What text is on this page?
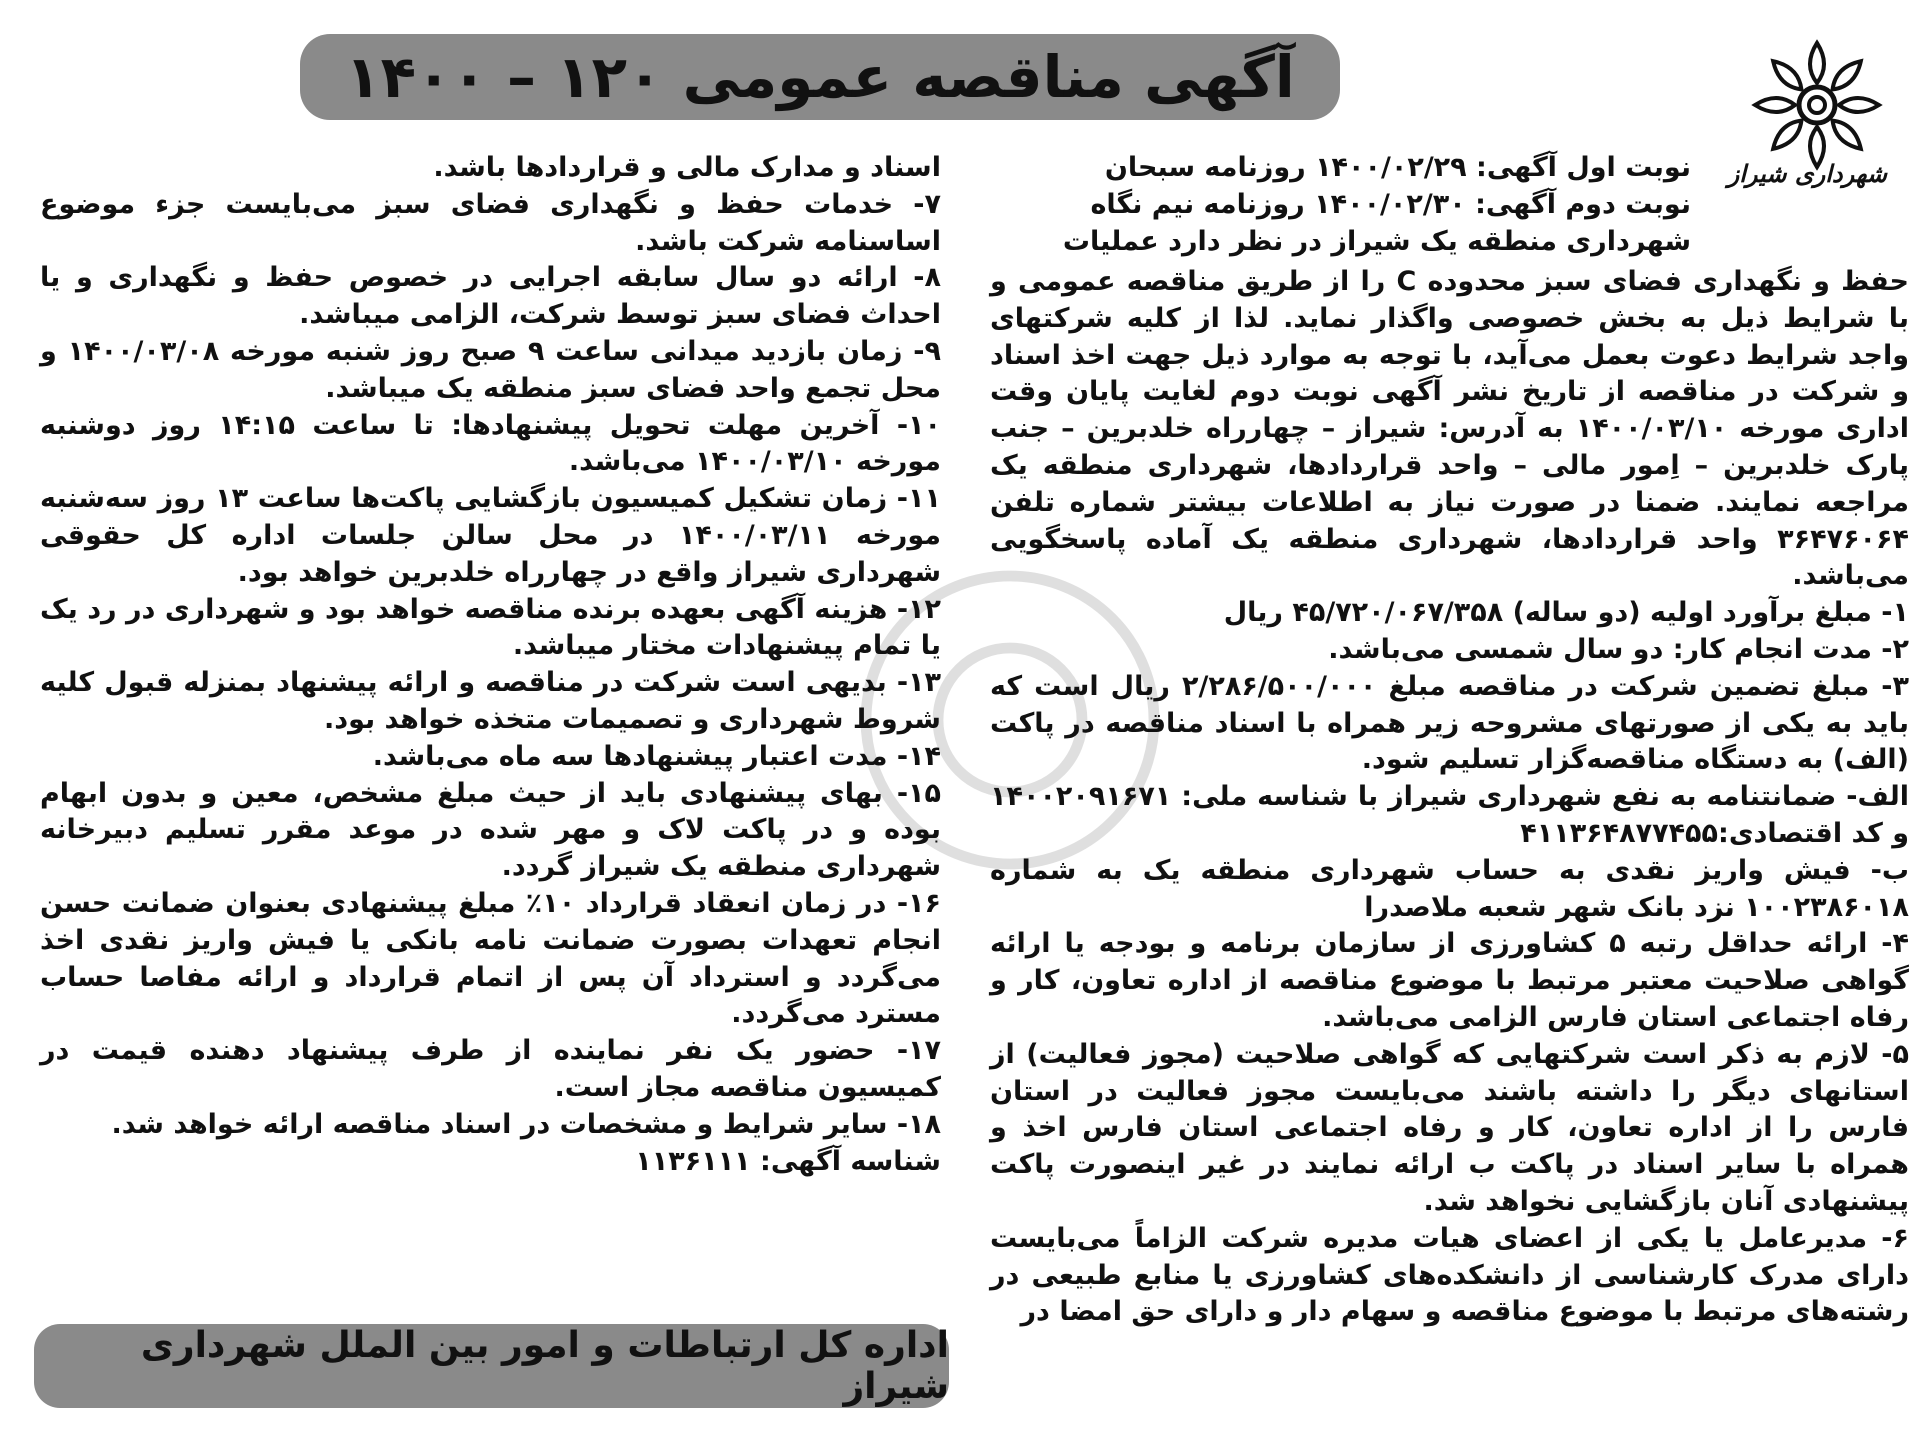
آگهی مناقصه عمومی ۱۲۰ – ۱۴۰۰
شهرداری شیراز

نوبت اول آگهی: ۱۴۰۰/۰۲/۲۹ روزنامه سبحان

نوبت دوم آگهی: ۱۴۰۰/۰۲/۳۰ روزنامه نیم نگاه

شهرداری منطقه یک شیراز در نظر دارد عملیات

حفظ و نگهداری فضای سبز محدوده C را از طریق مناقصه عمومی و با شرایط ذیل به بخش خصوصی واگذار نماید. لذا از کلیه شرکتهای واجد شرایط دعوت بعمل می‌آید، با توجه به موارد ذیل جهت اخذ اسناد و شرکت در مناقصه از تاریخ نشر آگهی نوبت دوم لغایت پایان وقت اداری مورخه ۱۴۰۰/۰۳/۱۰ به آدرس: شیراز – چهارراه خلدبرین – جنب پارک خلدبرین – اِمور مالی – واحد قراردادها، شهرداری منطقه یک مراجعه نمایند. ضمنا در صورت نیاز به اطلاعات بیشتر شماره تلفن ۳۶۴۷۶۰۶۴ واحد قراردادها، شهرداری منطقه یک آماده پاسخگویی می‌باشد.

۱- مبلغ برآورد اولیه (دو ساله) ۴۵/۷۲۰/۰۶۷/۳۵۸ ریال

۲- مدت انجام کار: دو سال شمسی می‌باشد.

۳- مبلغ تضمین شرکت در مناقصه مبلغ ۲/۲۸۶/۵۰۰/۰۰۰ ریال است که باید به یکی از صورتهای مشروحه زیر همراه با اسناد مناقصه در پاکت (الف) به دستگاه مناقصه‌گزار تسلیم شود.

الف- ضمانتنامه به نفع شهرداری شیراز با شناسه ملی: ۱۴۰۰۲۰۹۱۶۷۱ و کد اقتصادی:۴۱۱۳۶۴۸۷۷۴۵۵

ب- فیش واریز نقدی به حساب شهرداری منطقه یک به شماره ۱۰۰۲۳۸۶۰۱۸ نزد بانک شهر شعبه ملاصدرا

۴- ارائه حداقل رتبه ۵ کشاورزی از سازمان برنامه و بودجه یا ارائه گواهی صلاحیت معتبر مرتبط با موضوع مناقصه از اداره تعاون، کار و رفاه اجتماعی استان فارس الزامی می‌باشد.

۵- لازم به ذکر است شرکتهایی که گواهی صلاحیت (مجوز فعالیت) از استانهای دیگر را داشته باشند می‌بایست مجوز فعالیت در استان فارس را از اداره تعاون، کار و رفاه اجتماعی استان فارس اخذ و همراه با سایر اسناد در پاکت ب ارائه نمایند در غیر اینصورت پاکت پیشنهادی آنان بازگشایی نخواهد شد.

۶- مدیرعامل یا یکی از اعضای هیات مدیره شرکت الزاماً می‌بایست دارای مدرک کارشناسی از دانشکده‌های کشاورزی یا منابع طبیعی در رشته‌های مرتبط با موضوع مناقصه و سهام دار و دارای حق امضا در

اسناد و مدارک مالی و قراردادها باشد.

۷- خدمات حفظ و نگهداری فضای سبز می‌بایست جزء موضوع اساسنامه شرکت باشد.

۸- ارائه دو سال سابقه اجرایی در خصوص حفظ و نگهداری و یا احداث فضای سبز توسط شرکت، الزامی میباشد.

۹- زمان بازدید میدانی ساعت ۹ صبح روز شنبه مورخه ۱۴۰۰/۰۳/۰۸ و محل تجمع واحد فضای سبز منطقه یک میباشد.

۱۰- آخرین مهلت تحویل پیشنهادها: تا ساعت ۱۴:۱۵ روز دوشنبه مورخه ۱۴۰۰/۰۳/۱۰ می‌باشد.

۱۱- زمان تشکیل کمیسیون بازگشایی پاکت‌ها ساعت ۱۳ روز سه‌شنبه مورخه ۱۴۰۰/۰۳/۱۱ در محل سالن جلسات اداره کل حقوقی شهرداری شیراز واقع در چهارراه خلدبرین خواهد بود.

۱۲- هزینه آگهی بعهده برنده مناقصه خواهد بود و شهرداری در رد یک یا تمام پیشنهادات مختار میباشد.

۱۳- بدیهی است شرکت در مناقصه و ارائه پیشنهاد بمنزله قبول کلیه شروط شهرداری و تصمیمات متخذه خواهد بود.

۱۴- مدت اعتبار پیشنهادها سه ماه می‌باشد.

۱۵- بهای پیشنهادی باید از حیث مبلغ مشخص، معین و بدون ابهام بوده و در پاکت لاک و مهر شده در موعد مقرر تسلیم دبیرخانه شهرداری منطقه یک شیراز گردد.

۱۶- در زمان انعقاد قرارداد ۱۰٪ مبلغ پیشنهادی بعنوان ضمانت حسن انجام تعهدات بصورت ضمانت نامه بانکی یا فیش واریز نقدی اخذ می‌گردد و استرداد آن پس از اتمام قرارداد و ارائه مفاصا حساب مسترد می‌گردد.

۱۷- حضور یک نفر نماینده از طرف پیشنهاد دهنده قیمت در کمیسیون مناقصه مجاز است.

۱۸- سایر شرایط و مشخصات در اسناد مناقصه ارائه خواهد شد.

شناسه آگهی: ۱۱۳۶۱۱۱

اداره کل ارتباطات و امور بین الملل شهرداری شیراز
